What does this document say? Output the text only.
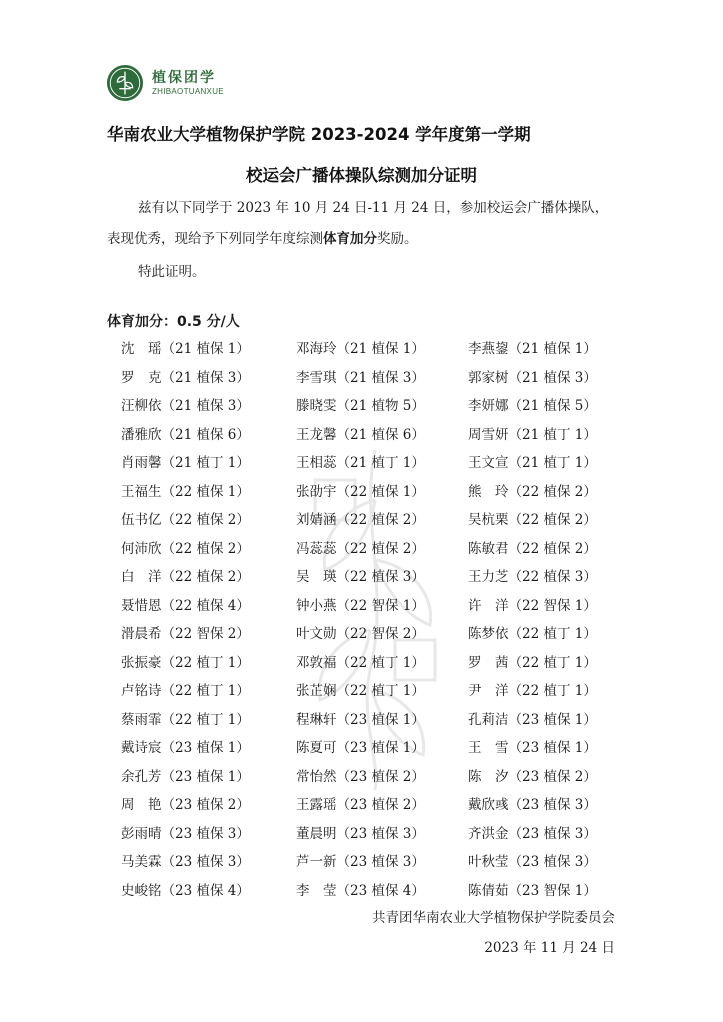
植保团学
ZHIBAOTUANXUE
华南农业大学植物保护学院 2023-2024 学年度第一学期
校运会广播体操队综测加分证明
兹有以下同学于 2023 年 10 月 24 日-11 月 24 日，参加校运会广播体操队，
表现优秀，现给予下列同学年度综测体育加分奖励。
特此证明。
体育加分：0.5 分/人
沈　瑶（21 植保 1）	邓海玲（21 植保 1）	李燕鋆（21 植保 1）
罗　克（21 植保 3）	李雪琪（21 植保 3）	郭家树（21 植保 3）
汪柳依（21 植保 3）	滕晓雯（21 植物 5）	李妍娜（21 植保 5）
潘雅欣（21 植保 6）	王龙馨（21 植保 6）	周雪妍（21 植丁 1）
肖雨馨（21 植丁 1）	王相蕊（21 植丁 1）	王文宣（21 植丁 1）
王福生（22 植保 1）	张劭宇（22 植保 1）	熊　玲（22 植保 2）
伍书亿（22 植保 2）	刘婧涵（22 植保 2）	吴杭栗（22 植保 2）
何沛欣（22 植保 2）	冯蕊蕊（22 植保 2）	陈敏君（22 植保 2）
白　洋（22 植保 2）	吴　瑛（22 植保 3）	王力芝（22 植保 3）
聂惜恩（22 植保 4）	钟小燕（22 智保 1）	许　洋（22 智保 1）
滑晨希（22 智保 2）	叶文勋（22 智保 2）	陈梦依（22 植丁 1）
张振豪（22 植丁 1）	邓敦福（22 植丁 1）	罗　茜（22 植丁 1）
卢铭诗（22 植丁 1）	张芷娴（22 植丁 1）	尹　洋（22 植丁 1）
蔡雨霏（22 植丁 1）	程琳轩（23 植保 1）	孔莉洁（23 植保 1）
戴诗宸（23 植保 1）	陈夏可（23 植保 1）	王　雪（23 植保 1）
余孔芳（23 植保 1）	常怡然（23 植保 2）	陈　汐（23 植保 2）
周　艳（23 植保 2）	王露瑶（23 植保 2）	戴欣彧（23 植保 3）
彭雨晴（23 植保 3）	董晨明（23 植保 3）	齐洪金（23 植保 3）
马美霖（23 植保 3）	芦一新（23 植保 3）	叶秋莹（23 植保 3）
史峻铭（23 植保 4）	李　莹（23 植保 4）	陈倩茹（23 智保 1）
共青团华南农业大学植物保护学院委员会
2023 年 11 月 24 日
